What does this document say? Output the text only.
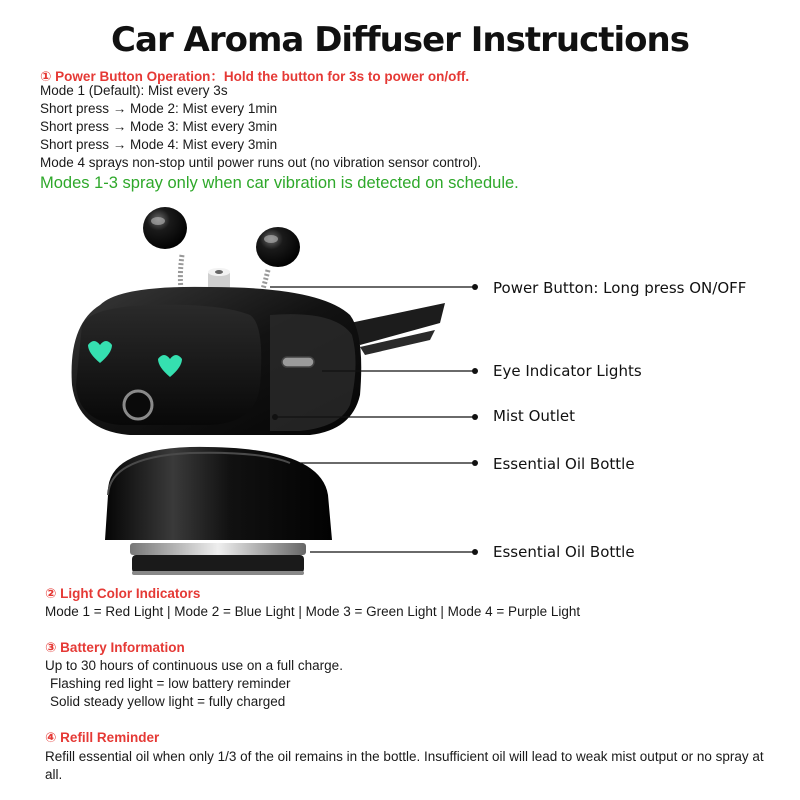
Car Aroma Diffuser Instructions
① Power Button Operation：Hold the button for 3s to power on/off.
Mode 1 (Default): Mist every 3s
Short press → Mode 2: Mist every 1min
Short press → Mode 3: Mist every 3min
Short press → Mode 4: Mist every 3min
Mode 4 sprays non-stop until power runs out (no vibration sensor control).
Modes 1-3 spray only when car vibration is detected on schedule.
Power Button: Long press ON/OFF
Eye Indicator Lights
Mist Outlet
Essential Oil Bottle
Essential Oil Bottle
② Light Color Indicators
Mode 1 = Red Light | Mode 2 = Blue Light | Mode 3 = Green Light | Mode 4 = Purple Light
③ Battery Information
Up to 30 hours of continuous use on a full charge.
Flashing red light = low battery reminder
Solid steady yellow light = fully charged
④ Refill Reminder
Refill essential oil when only 1/3 of the oil remains in the bottle. Insufficient oil will lead to weak mist output or no spray at all.
